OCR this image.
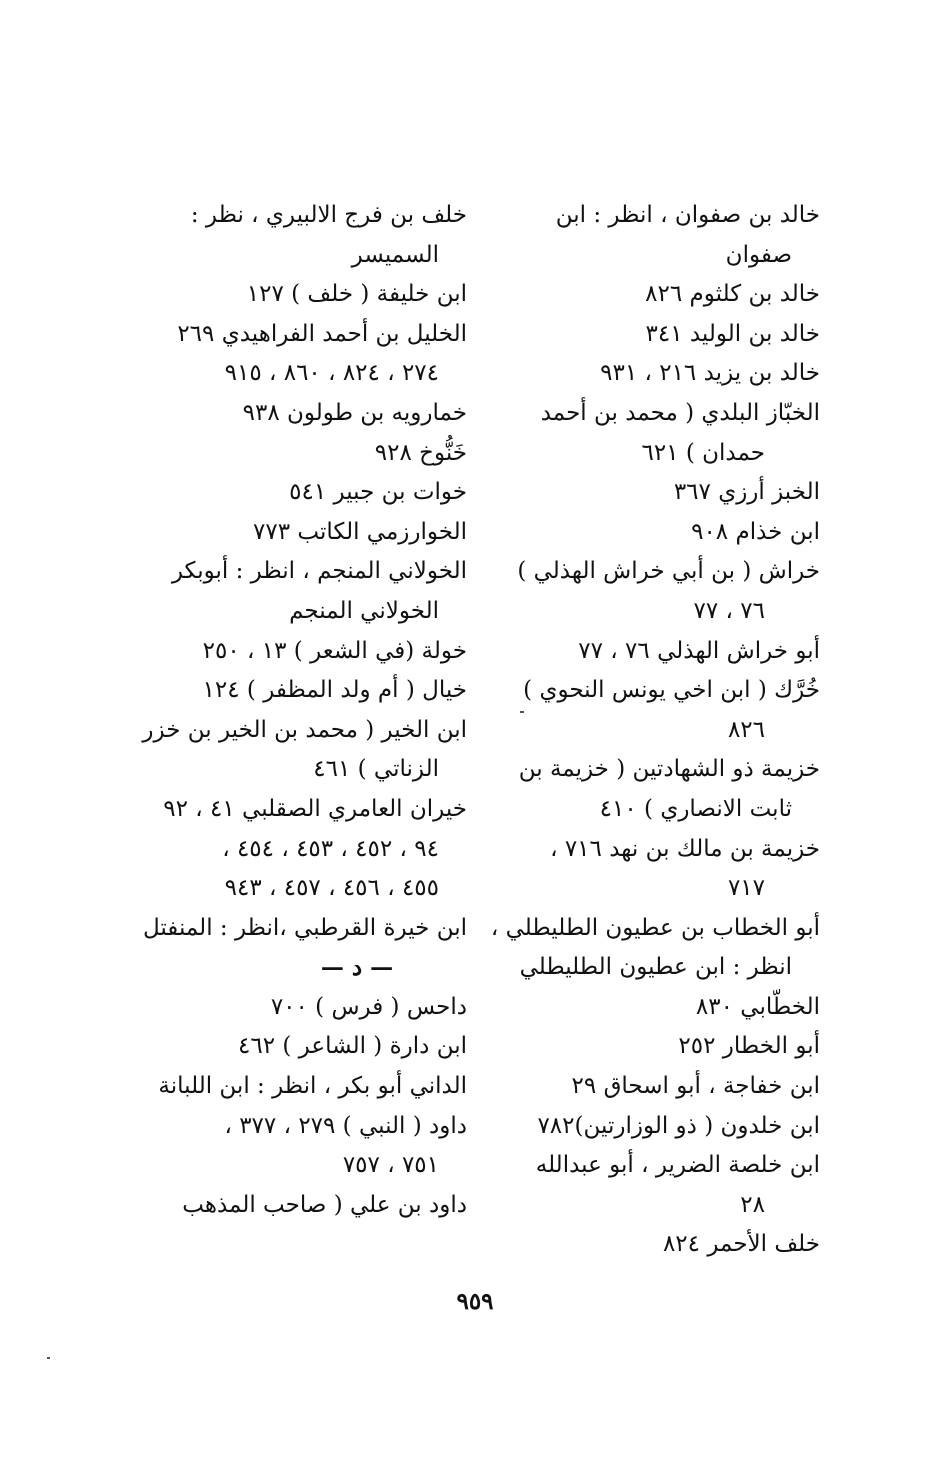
خالد بن صفوان ، انظر : ابن
صفوان
خالد بن كلثوم ٨٢٦
خالد بن الوليد ٣٤١
خالد بن يزيد ٢١٦ ، ٩٣١
الخبّاز البلدي ( محمد بن أحمد
حمدان ) ٦٢١
الخبز أرزي ٣٦٧
ابن خذام ٩٠٨
خراش ( بن أبي خراش الهذلي )
٧٦ ، ٧٧
أبو خراش الهذلي ٧٦ ، ٧٧
خُرَّك ( ابن اخي يونس النحوي )
٨٢٦
خزيمة ذو الشهادتين ( خزيمة بن
ثابت الانصاري ) ٤١٠
خزيمة بن مالك بن نهد ٧١٦ ،
٧١٧
أبو الخطاب بن عطيون الطليطلي ،
انظر : ابن عطيون الطليطلي
الخطّابي ٨٣٠
أبو الخطار ٢٥٢
ابن خفاجة ، أبو اسحاق ٢٩
ابن خلدون ( ذو الوزارتين)٧٨٢
ابن خلصة الضرير ، أبو عبدالله
٢٨
خلف الأحمر ٨٢٤
خلف بن فرج الالبيري ، نظر :
السميسر
ابن خليفة ( خلف ) ١٢٧
الخليل بن أحمد الفراهيدي ٢٦٩
٢٧٤ ، ٨٢٤ ، ٨٦٠ ، ٩١٥
خمارويه بن طولون ٩٣٨
خَنُّوخ ٩٢٨
خوات بن جبير ٥٤١
الخوارزمي الكاتب ٧٧٣
الخولاني المنجم ، انظر : أبوبكر
الخولاني المنجم
خولة (في الشعر ) ١٣ ، ٢٥٠
خيال ( أم ولد المظفر ) ١٢٤
ابن الخير ( محمد بن الخير بن خزر
الزناتي ) ٤٦١
خيران العامري الصقلبي ٤١ ، ٩٢
٩٤ ، ٤٥٢ ، ٤٥٣ ، ٤٥٤ ،
٤٥٥ ، ٤٥٦ ، ٤٥٧ ، ٩٤٣
ابن خيرة القرطبي ،انظر : المنفتل
— د —
داحس ( فرس ) ٧٠٠
ابن دارة ( الشاعر ) ٤٦٢
الداني أبو بكر ، انظر : ابن اللبانة
داود ( النبي ) ٢٧٩ ، ٣٧٧ ،
٧٥١ ، ٧٥٧
داود بن علي ( صاحب المذهب
٩٥٩
